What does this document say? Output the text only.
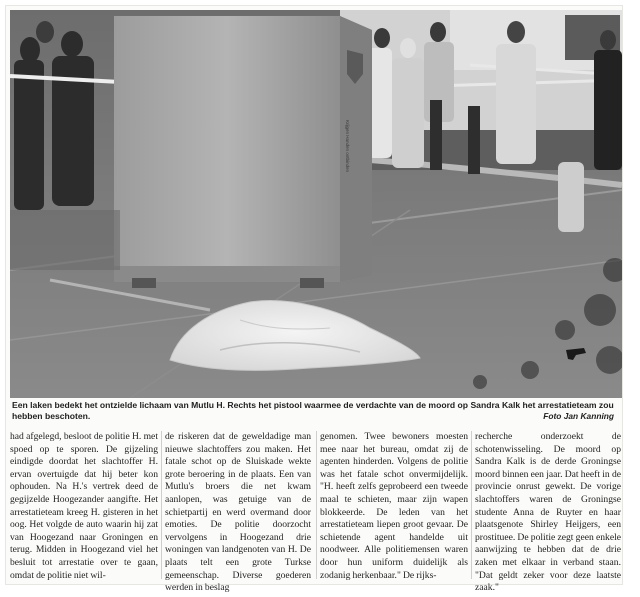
Krijgen Handen ontbinden
Een laken bedekt het ontzielde lichaam van Mutlu H. Rechts het pistool waarmee de verdachte van de moord op Sandra Kalk het arrestatieteam zou hebben beschoten.	Foto Jan Kanning
had afgelegd, besloot de politie H. met spoed op te sporen. De gijzeling eindigde doordat het slachtoffer H. ervan overtuigde dat hij beter kon ophouden. Na H.'s vertrek deed de gegijzelde Hoogezander aangifte. Het arrestatieteam kreeg H. gisteren in het oog. Het volgde de auto waarin hij zat van Hoogezand naar Groningen en terug. Midden in Hoogezand viel het besluit tot arrestatie over te gaan, omdat de politie niet wil-
de riskeren dat de geweldadige man nieuwe slachtoffers zou maken. Het fatale schot op de Sluiskade wekte grote beroering in de plaats. Een van Mutlu's broers die net kwam aanlopen, was getuige van de schietpartij en werd overmand door emoties. De politie doorzocht vervolgens in Hoogezand drie woningen van landgenoten van H. De plaats telt een grote Turkse gemeenschap. Diverse goederen werden in beslag
genomen. Twee bewoners moesten mee naar het bureau, omdat zij de agenten hinderden. Volgens de politie was het fatale schot onvermijdelijk. "H. heeft zelfs geprobeerd een tweede maal te schieten, maar zijn wapen blokkeerde. De leden van het arrestatieteam liepen groot gevaar. De schietende agent handelde uit noodweer. Alle politiemensen waren door hun uniform duidelijk als zodanig herkenbaar." De rijks-
recherche onderzoekt de schotenwisseling. De moord op Sandra Kalk is de derde Groningse moord binnen een jaar. Dat heeft in de provincie onrust gewekt. De vorige slachtoffers waren de Groningse studente Anna de Ruyter en haar plaatsgenote Shirley Heijgers, een prostituee. De politie zegt geen enkele aanwijzing te hebben dat de drie zaken met elkaar in verband staan. "Dat geldt zeker voor deze laatste zaak."
